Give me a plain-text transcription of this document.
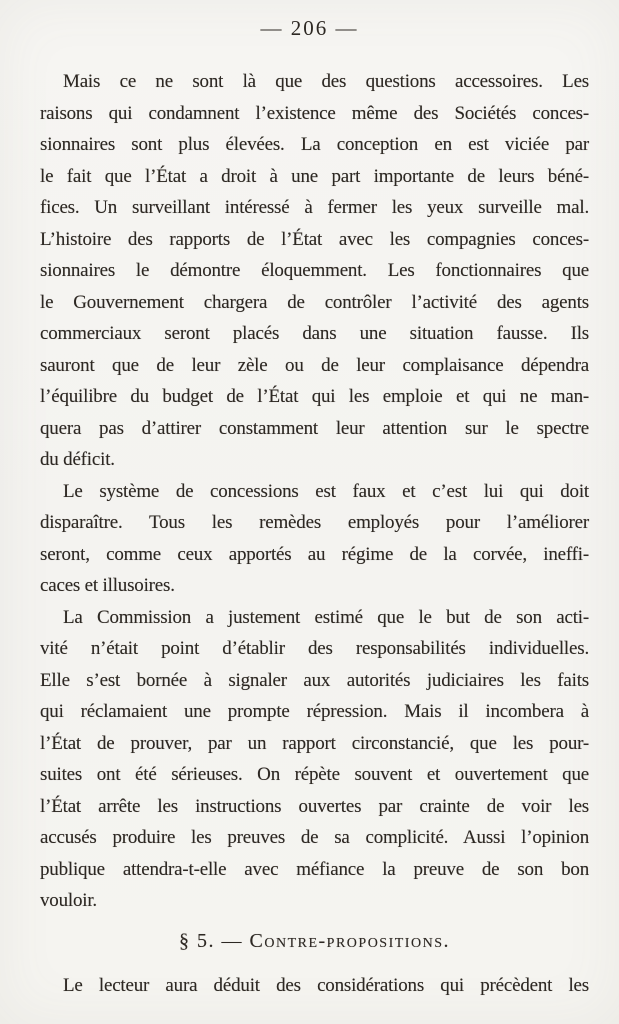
— 206 —
Mais ce ne sont là que des questions accessoires. Les
raisons qui condamnent l’existence même des Sociétés conces-
sionnaires sont plus élevées. La conception en est viciée par
le fait que l’État a droit à une part importante de leurs béné-
fices. Un surveillant intéressé à fermer les yeux surveille mal.
L’histoire des rapports de l’État avec les compagnies conces-
sionnaires le démontre éloquemment. Les fonctionnaires que
le Gouvernement chargera de contrôler l’activité des agents
commerciaux seront placés dans une situation fausse. Ils
sauront que de leur zèle ou de leur complaisance dépendra
l’équilibre du budget de l’État qui les emploie et qui ne man-
quera pas d’attirer constamment leur attention sur le spectre
du déficit.
Le système de concessions est faux et c’est lui qui doit
disparaître. Tous les remèdes employés pour l’améliorer
seront, comme ceux apportés au régime de la corvée, ineffi-
caces et illusoires.
La Commission a justement estimé que le but de son acti-
vité n’était point d’établir des responsabilités individuelles.
Elle s’est bornée à signaler aux autorités judiciaires les faits
qui réclamaient une prompte répression. Mais il incombera à
l’État de prouver, par un rapport circonstancié, que les pour-
suites ont été sérieuses. On répète souvent et ouvertement que
l’État arrête les instructions ouvertes par crainte de voir les
accusés produire les preuves de sa complicité. Aussi l’opinion
publique attendra-t-elle avec méfiance la preuve de son bon
vouloir.
§ 5. — Contre-propositions.
Le lecteur aura déduit des considérations qui précèdent les
